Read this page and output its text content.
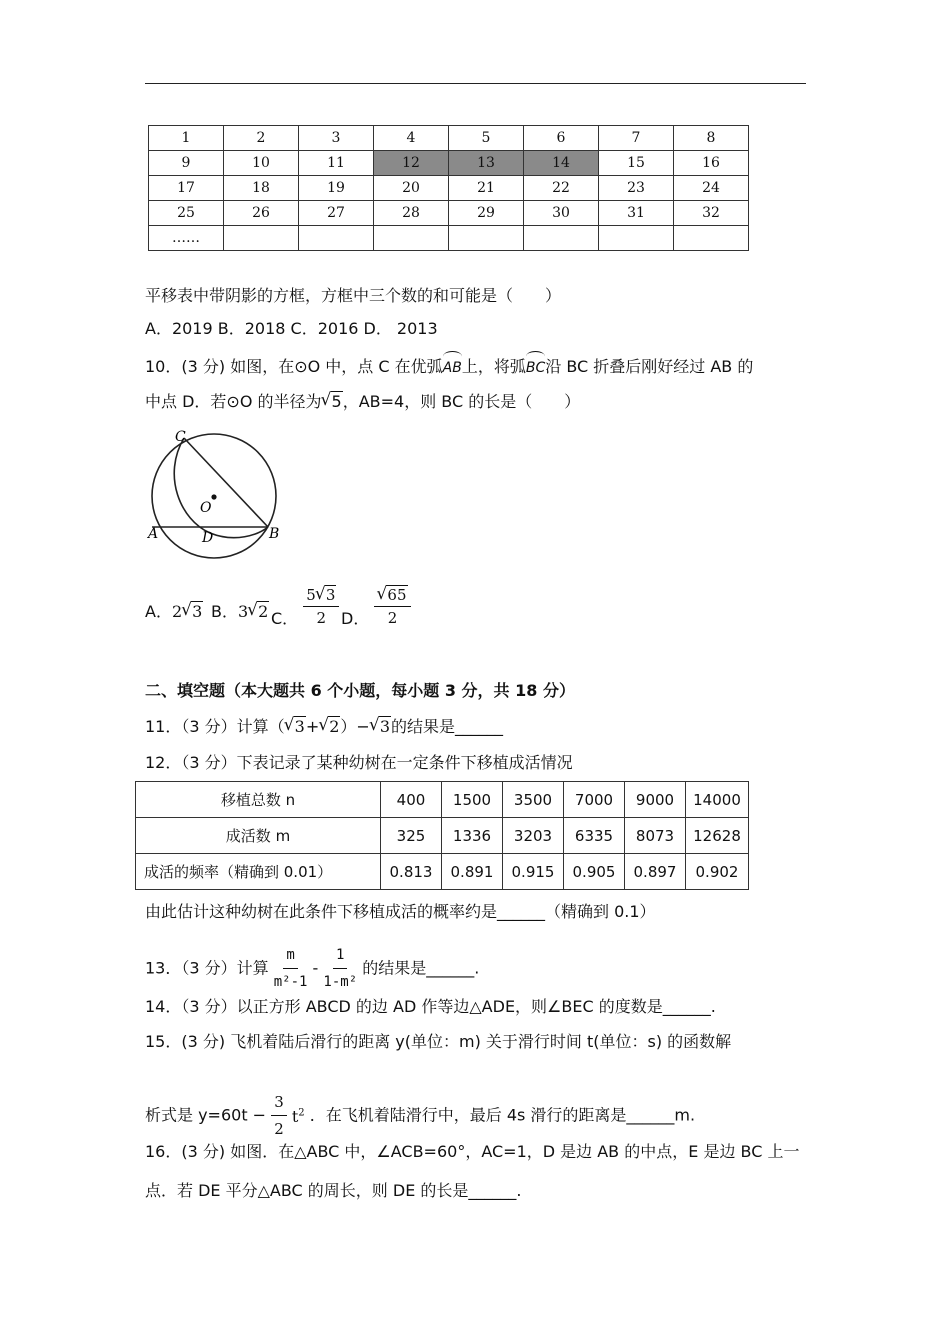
1	2	3	4	5	6	7	8
9	10	11	12	13	14	15	16
17	18	19	20	21	22	23	24
25	26	27	28	29	30	31	32
……							
平移表中带阴影的方框，方框中三个数的和可能是（　　）
A．2019 B．2018 C．2016 D． 2013
10．(3 分) 如图，在⊙O 中，点 C 在优弧AB上，将弧BC沿 BC 折叠后刚好经过 AB 的
中点 D．若⊙O 的半径为 √ 5，AB=4，则 BC 的长是（　　）
C
O
A	D	B
A．2 √ 3 B．3 √ 2 C． $\frac{5 √ 3}{2}$ D． √ $\frac{65}{2}$
二、填空题（本大题共 6 个小题，每小题 3 分，共 18 分）
11．（3 分）计算（ √ 3+ √ 2）− √ 3的结果是______
12．（3 分）下表记录了某种幼树在一定条件下移植成活情况
移植总数 n	400	1500	3500	7000	9000	14000
成活数 m	325	1336	3203	6335	8073	12628
成活的频率（精确到 0.01）	0.813	0.891	0.915	0.905	0.897	0.902
由此估计这种幼树在此条件下移植成活的概率约是______（精确到 0.1）
13．（3 分）计算 $\frac{m}{\text{m²-1}} - \frac{1}{\text{1-m²}}$ 的结果是______.
14．（3 分）以正方形 ABCD 的边 AD 作等边△ADE，则∠BEC 的度数是______.
15．(3 分) 飞机着陆后滑行的距离 y(单位：m) 关于滑行时间 t(单位：s) 的函数解
析式是 $y=60t - \frac{3}{2} t^2$ ．在飞机着陆滑行中，最后 4s 滑行的距离是______m.
16．(3 分) 如图．在△ABC 中，∠ACB=60°，AC=1，D 是边 AB 的中点，E 是边 BC 上一
点．若 DE 平分△ABC 的周长，则 DE 的长是______.
